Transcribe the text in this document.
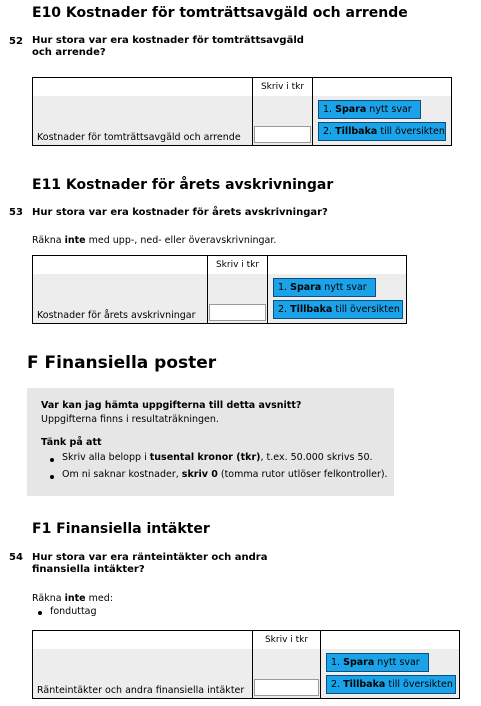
E10 Kostnader för tomträttsavgäld och arrende
52 Hur stora var era kostnader för tomträttsavgäld
och arrende?
Skriv i tkr
Kostnader för tomträttsavgäld och arrende
1. Spara nytt svar
2. Tillbaka till översikten
E11 Kostnader för årets avskrivningar
53 Hur stora var era kostnader för årets avskrivningar?
Räkna inte med upp-, ned- eller överavskrivningar.
Skriv i tkr
Kostnader för årets avskrivningar
1. Spara nytt svar
2. Tillbaka till översikten
F Finansiella poster
Var kan jag hämta uppgifterna till detta avsnitt?
Uppgifterna finns i resultaträkningen.
Tänk på att
Skriv alla belopp i tusental kronor (tkr), t.ex. 50.000 skrivs 50.
Om ni saknar kostnader, skriv 0 (tomma rutor utlöser felkontroller).
F1 Finansiella intäkter
54 Hur stora var era ränteintäkter och andra
finansiella intäkter?
Räkna inte med:
fonduttag
Skriv i tkr
Ränteintäkter och andra finansiella intäkter
1. Spara nytt svar
2. Tillbaka till översikten
